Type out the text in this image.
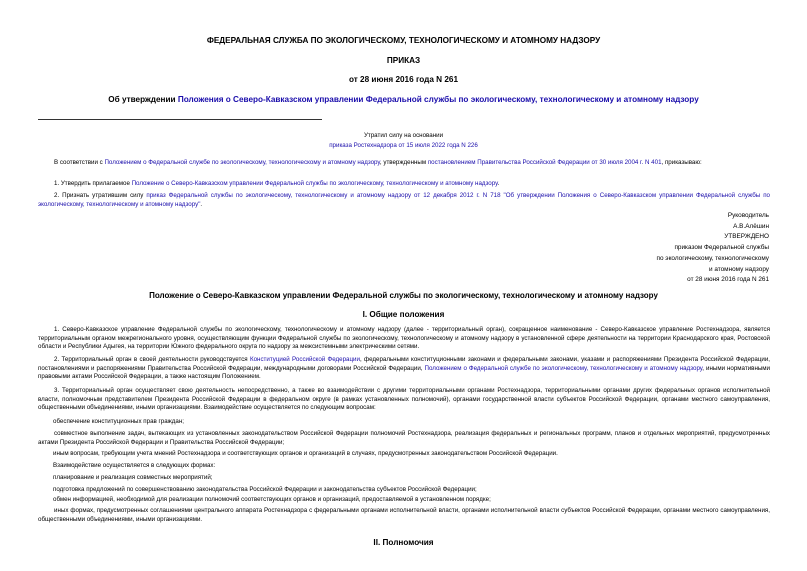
ФЕДЕРАЛЬНАЯ СЛУЖБА ПО ЭКОЛОГИЧЕСКОМУ, ТЕХНОЛОГИЧЕСКОМУ И АТОМНОМУ НАДЗОРУ
ПРИКАЗ
от 28 июня 2016 года N 261
Об утверждении Положения о Северо-Кавказском управлении Федеральной службы по экологическому, технологическому и атомному надзору
Утратил силу на основании
приказа Ростехнадзора от 15 июля 2022 года N 226
В соответствии с Положением о Федеральной службе по экологическому, технологическому и атомному надзору, утвержденным постановлением Правительства Российской Федерации от 30 июля 2004 г. N 401, приказываю:
1. Утвердить прилагаемое Положение о Северо-Кавказском управлении Федеральной службы по экологическому, технологическому и атомному надзору.
2. Признать утратившим силу приказ Федеральной службы по экологическому, технологическому и атомному надзору от 12 декабря 2012 г. N 718 "Об утверждении Положения о Северо-Кавказском управлении Федеральной службы по экологическому, технологическому и атомному надзору".
Руководитель
А.В.Алёшин
УТВЕРЖДЕНО
приказом Федеральной службы
по экологическому, технологическому
и атомному надзору
от 28 июня 2016 года N 261
Положение о Северо-Кавказском управлении Федеральной службы по экологическому, технологическому и атомному надзору
I. Общие положения
1. Северо-Кавказское управление Федеральной службы по экологическому, технологическому и атомному надзору (далее - территориальный орган), сокращенное наименование - Северо-Кавказское управление Ростехнадзора, является территориальным органом межрегионального уровня, осуществляющим функции Федеральной службы по экологическому, технологическому и атомному надзору в установленной сфере деятельности на территории Краснодарского края, Ростовской области и Республики Адыгея, на территории Южного федерального округа по надзору за межсистемными электрическими сетями.
2. Территориальный орган в своей деятельности руководствуется Конституцией Российской Федерации, федеральными конституционными законами и федеральными законами, указами и распоряжениями Президента Российской Федерации, постановлениями и распоряжениями Правительства Российской Федерации, международными договорами Российской Федерации, Положением о Федеральной службе по экологическому, технологическому и атомному надзору, иными нормативными правовыми актами Российской Федерации, а также настоящим Положением.
3. Территориальный орган осуществляет свою деятельность непосредственно, а также во взаимодействии с другими территориальными органами Ростехнадзора, территориальными органами других федеральных органов исполнительной власти, полномочным представителем Президента Российской Федерации в федеральном округе (в рамках установленных полномочий), органами государственной власти субъектов Российской Федерации, органами местного самоуправления, общественными объединениями, иными организациями. Взаимодействие осуществляется по следующим вопросам:
обеспечение конституционных прав граждан;
совместное выполнение задач, вытекающих из установленных законодательством Российской Федерации полномочий Ростехнадзора, реализация федеральных и региональных программ, планов и отдельных мероприятий, предусмотренных актами Президента Российской Федерации и Правительства Российской Федерации;
иным вопросам, требующим учета мнений Ростехнадзора и соответствующих органов и организаций в случаях, предусмотренных законодательством Российской Федерации.
Взаимодействие осуществляется в следующих формах:
планирование и реализация совместных мероприятий;
подготовка предложений по совершенствованию законодательства Российской Федерации и законодательства субъектов Российской Федерации;
обмен информацией, необходимой для реализации полномочий соответствующих органов и организаций, предоставляемой в установленном порядке;
иных формах, предусмотренных соглашениями центрального аппарата Ростехнадзора с федеральными органами исполнительной власти, органами исполнительной власти субъектов Российской Федерации, органами местного самоуправления, общественными объединениями, иными организациями.
II. Полномочия
